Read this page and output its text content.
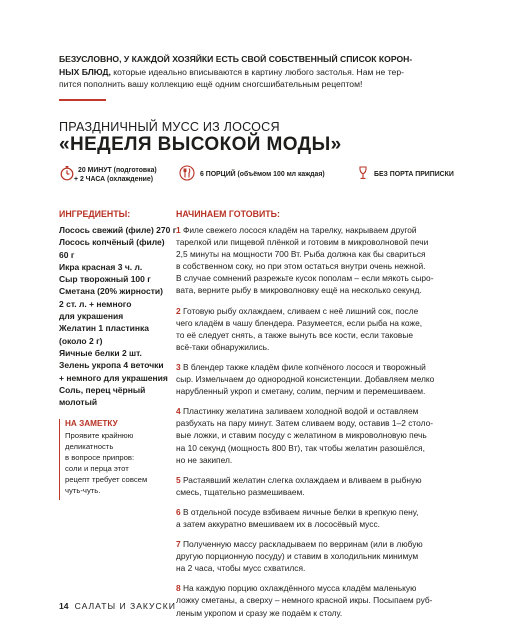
БЕЗУСЛОВНО, У КАЖДОЙ ХОЗЯЙКИ ЕСТЬ СВОЙ СОБСТВЕННЫЙ СПИСОК КОРОН-
НЫХ БЛЮД, которые идеально вписываются в картину любого застолья. Нам не тер-
пится пополнить вашу коллекцию ещё одним сногсшибательным рецептом!
ПРАЗДНИЧНЫЙ МУСС ИЗ ЛОСОСЯ
«НЕДЕЛЯ ВЫСОКОЙ МОДЫ»
20 МИНУТ (подготовка)
+ 2 ЧАСА (охлаждение)
6 ПОРЦИЙ (объёмом 100 мл каждая)	БЕЗ ПОРТА ПРИПИСКИ
ИНГРЕДИЕНТЫ:	НАЧИНАЕМ ГОТОВИТЬ:
Лосось свежий (филе) 270 г
Лосось копчёный (филе)
60 г
Икра красная 3 ч. л.
Сыр творожный 100 г
Сметана (20% жирности)
2 ст. л. + немного
для украшения
Желатин 1 пластинка
(около 2 г)
Яичные белки 2 шт.
Зелень укропа 4 веточки
+ немного для украшения
Соль, перец чёрный
молотый
НА ЗАМЕТКУ
Проявите крайнюю
деликатность
в вопросе припров:
соли и перца этот
рецепт требует совсем
чуть-чуть.
1 Филе свежего лосося кладём на тарелку, накрываем другой
тарелкой или пищевой плёнкой и готовим в микроволновой печи
2,5 минуты на мощности 700 Вт. Рыба должна как бы свариться
в собственном соку, но при этом остаться внутри очень нежной.
В случае сомнений разрежьте кусок пополам – если мякоть сыро-
вата, верните рыбу в микроволновку ещё на несколько секунд.
2 Готовую рыбу охлаждаем, сливаем с неё лишний сок, после
чего кладём в чашу блендера. Разумеется, если рыба на коже,
то её следует снять, а также вынуть все кости, если таковые
всё-таки обнаружились.
3 В блендер также кладём филе копчёного лосося и творожный
сыр. Измельчаем до однородной консистенции. Добавляем мелко
нарубленный укроп и сметану, солим, перчим и перемешиваем.
4 Пластинку желатина заливаем холодной водой и оставляем
разбухать на пару минут. Затем сливаем воду, оставив 1–2 столо-
вые ложки, и ставим посуду с желатином в микроволновую печь
на 10 секунд (мощность 800 Вт), так чтобы желатин разошёлся,
но не закипел.
5 Растаявший желатин слегка охлаждаем и вливаем в рыбную
смесь, тщательно размешиваем.
6 В отдельной посуде взбиваем яичные белки в крепкую пену,
а затем аккуратно вмешиваем их в лососёвый мусс.
7 Полученную массу раскладываем по верринам (или в любую
другую порционную посуду) и ставим в холодильник минимум
на 2 часа, чтобы мусс схватился.
8 На каждую порцию охлаждённого мусса кладём маленькую
ложку сметаны, а сверху – немного красной икры. Посыпаем руб-
леным укропом и сразу же подаём к столу.
14 САЛАТЫ И ЗАКУСКИ
